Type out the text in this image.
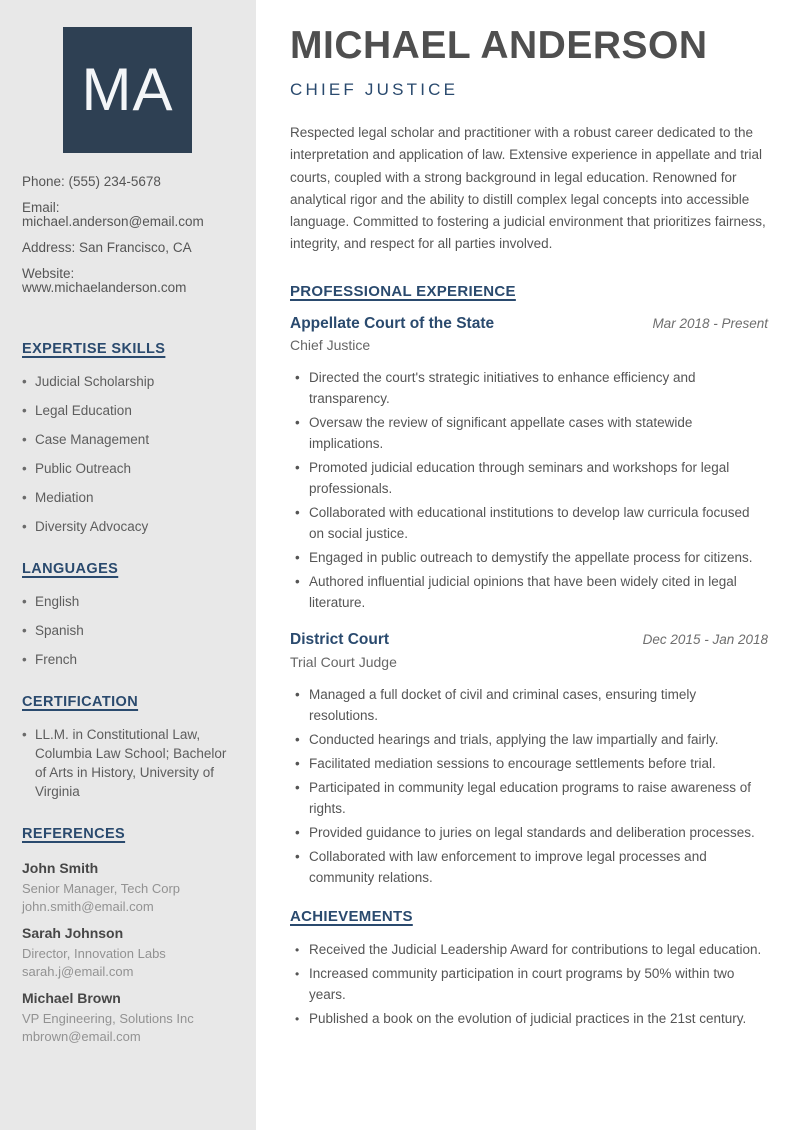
MA

Phone: (555) 234-5678

Email: michael.anderson@email.com

Address: San Francisco, CA

Website: www.michaelanderson.com

EXPERTISE SKILLS
• Judicial Scholarship
• Legal Education
• Case Management
• Public Outreach
• Mediation
• Diversity Advocacy
LANGUAGES
• English
• Spanish
• French
CERTIFICATION
• LL.M. in Constitutional Law, Columbia Law School; Bachelor of Arts in History, University of Virginia
REFERENCES
John Smith

Senior Manager, Tech Corp

john.smith@email.com

Sarah Johnson

Director, Innovation Labs

sarah.j@email.com

Michael Brown

VP Engineering, Solutions Inc

mbrown@email.com

MICHAEL ANDERSON
CHIEF JUSTICE

Respected legal scholar and practitioner with a robust career dedicated to the interpretation and application of law. Extensive experience in appellate and trial courts, coupled with a strong background in legal education. Renowned for analytical rigor and the ability to distill complex legal concepts into accessible language. Committed to fostering a judicial environment that prioritizes fairness, integrity, and respect for all parties involved.

PROFESSIONAL EXPERIENCE
Appellate Court of the State	Mar 2018 - Present

Chief Justice

• Directed the court's strategic initiatives to enhance efficiency and transparency.
• Oversaw the review of significant appellate cases with statewide implications.
• Promoted judicial education through seminars and workshops for legal professionals.
• Collaborated with educational institutions to develop law curricula focused on social justice.
• Engaged in public outreach to demystify the appellate process for citizens.
• Authored influential judicial opinions that have been widely cited in legal literature.
District Court	Dec 2015 - Jan 2018

Trial Court Judge

• Managed a full docket of civil and criminal cases, ensuring timely resolutions.
• Conducted hearings and trials, applying the law impartially and fairly.
• Facilitated mediation sessions to encourage settlements before trial.
• Participated in community legal education programs to raise awareness of rights.
• Provided guidance to juries on legal standards and deliberation processes.
• Collaborated with law enforcement to improve legal processes and community relations.
ACHIEVEMENTS
• Received the Judicial Leadership Award for contributions to legal education.
• Increased community participation in court programs by 50% within two years.
• Published a book on the evolution of judicial practices in the 21st century.
